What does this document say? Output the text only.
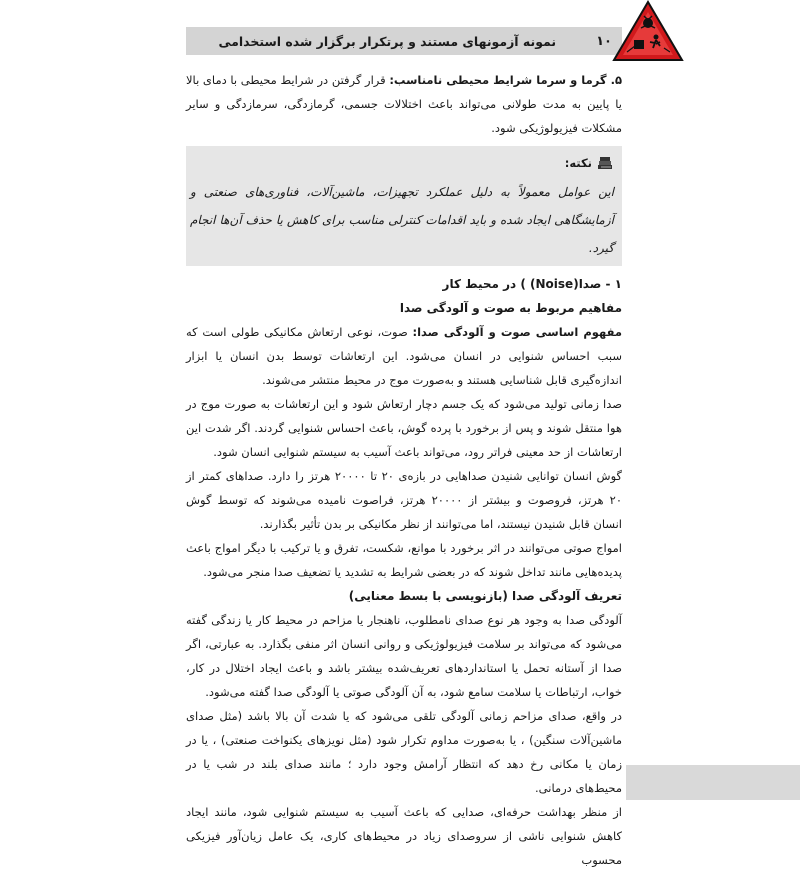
۱۰
نمونه آزمونهای مستند و پرتکرار برگزار شده استخدامی

۵. گرما و سرما شرایط محیطی نامناسب: قرار گرفتن در شرایط محیطی با دمای بالا یا پایین به مدت طولانی می‌تواند باعث اختلالات جسمی، گرمازدگی، سرمازدگی و سایر مشکلات فیزیولوژیکی شود.

نکته:

این عوامل معمولاً به دلیل عملکرد تجهیزات، ماشین‌آلات، فناوری‌های صنعتی و آزمایشگاهی ایجاد شده و باید اقدامات کنترلی مناسب برای کاهش یا حذف آن‌ها انجام گیرد.

۱ - صدا(Noise) ) در محیط کار

مفاهیم مربوط به صوت و آلودگی صدا

مفهوم اساسی صوت و آلودگی صدا: صوت، نوعی ارتعاش مکانیکی طولی است که سبب احساس شنوایی در انسان می‌شود. این ارتعاشات توسط بدن انسان یا ابزار اندازه‌گیری قابل شناسایی هستند و به‌صورت موج در محیط منتشر می‌شوند.

صدا زمانی تولید می‌شود که یک جسم دچار ارتعاش شود و این ارتعاشات به صورت موج در هوا منتقل شوند و پس از برخورد با پرده گوش، باعث احساس شنوایی گردند. اگر شدت این ارتعاشات از حد معینی فراتر رود، می‌تواند باعث آسیب به سیستم شنوایی انسان شود.

گوش انسان توانایی شنیدن صداهایی در بازه‌ی ۲۰ تا ۲۰۰۰۰ هرتز را دارد. صداهای کمتر از ۲۰ هرتز، فروصوت و بیشتر از ۲۰۰۰۰ هرتز، فراصوت نامیده می‌شوند که توسط گوش انسان قابل شنیدن نیستند، اما می‌توانند از نظر مکانیکی بر بدن تأثیر بگذارند.

امواج صوتی می‌توانند در اثر برخورد با موانع، شکست، تفرق و یا ترکیب با دیگر امواج باعث پدیده‌هایی مانند تداخل شوند که در بعضی شرایط به تشدید یا تضعیف صدا منجر می‌شود.

تعریف آلودگی صدا (بازنویسی با بسط معنایی)

آلودگی صدا به وجود هر نوع صدای نامطلوب، ناهنجار یا مزاحم در محیط کار یا زندگی گفته می‌شود که می‌تواند بر سلامت فیزیولوژیکی و روانی انسان اثر منفی بگذارد. به عبارتی، اگر صدا از آستانه تحمل یا استانداردهای تعریف‌شده بیشتر باشد و باعث ایجاد اختلال در کار، خواب، ارتباطات یا سلامت سامع شود، به آن آلودگی صوتی یا آلودگی صدا گفته می‌شود.

در واقع، صدای مزاحم زمانی آلودگی تلقی می‌شود که یا شدت آن بالا باشد (مثل صدای ماشین‌آلات سنگین) ، یا به‌صورت مداوم تکرار شود (مثل نویزهای یکنواخت صنعتی) ، یا در زمان یا مکانی رخ دهد که انتظار آرامش وجود دارد ؛ مانند صدای بلند در شب یا در محیط‌های درمانی.

از منظر بهداشت حرفه‌ای، صدایی که باعث آسیب به سیستم شنوایی شود، مانند ایجاد کاهش شنوایی ناشی از سروصدای زیاد در محیط‌های کاری، یک عامل زیان‌آور فیزیکی محسوب
